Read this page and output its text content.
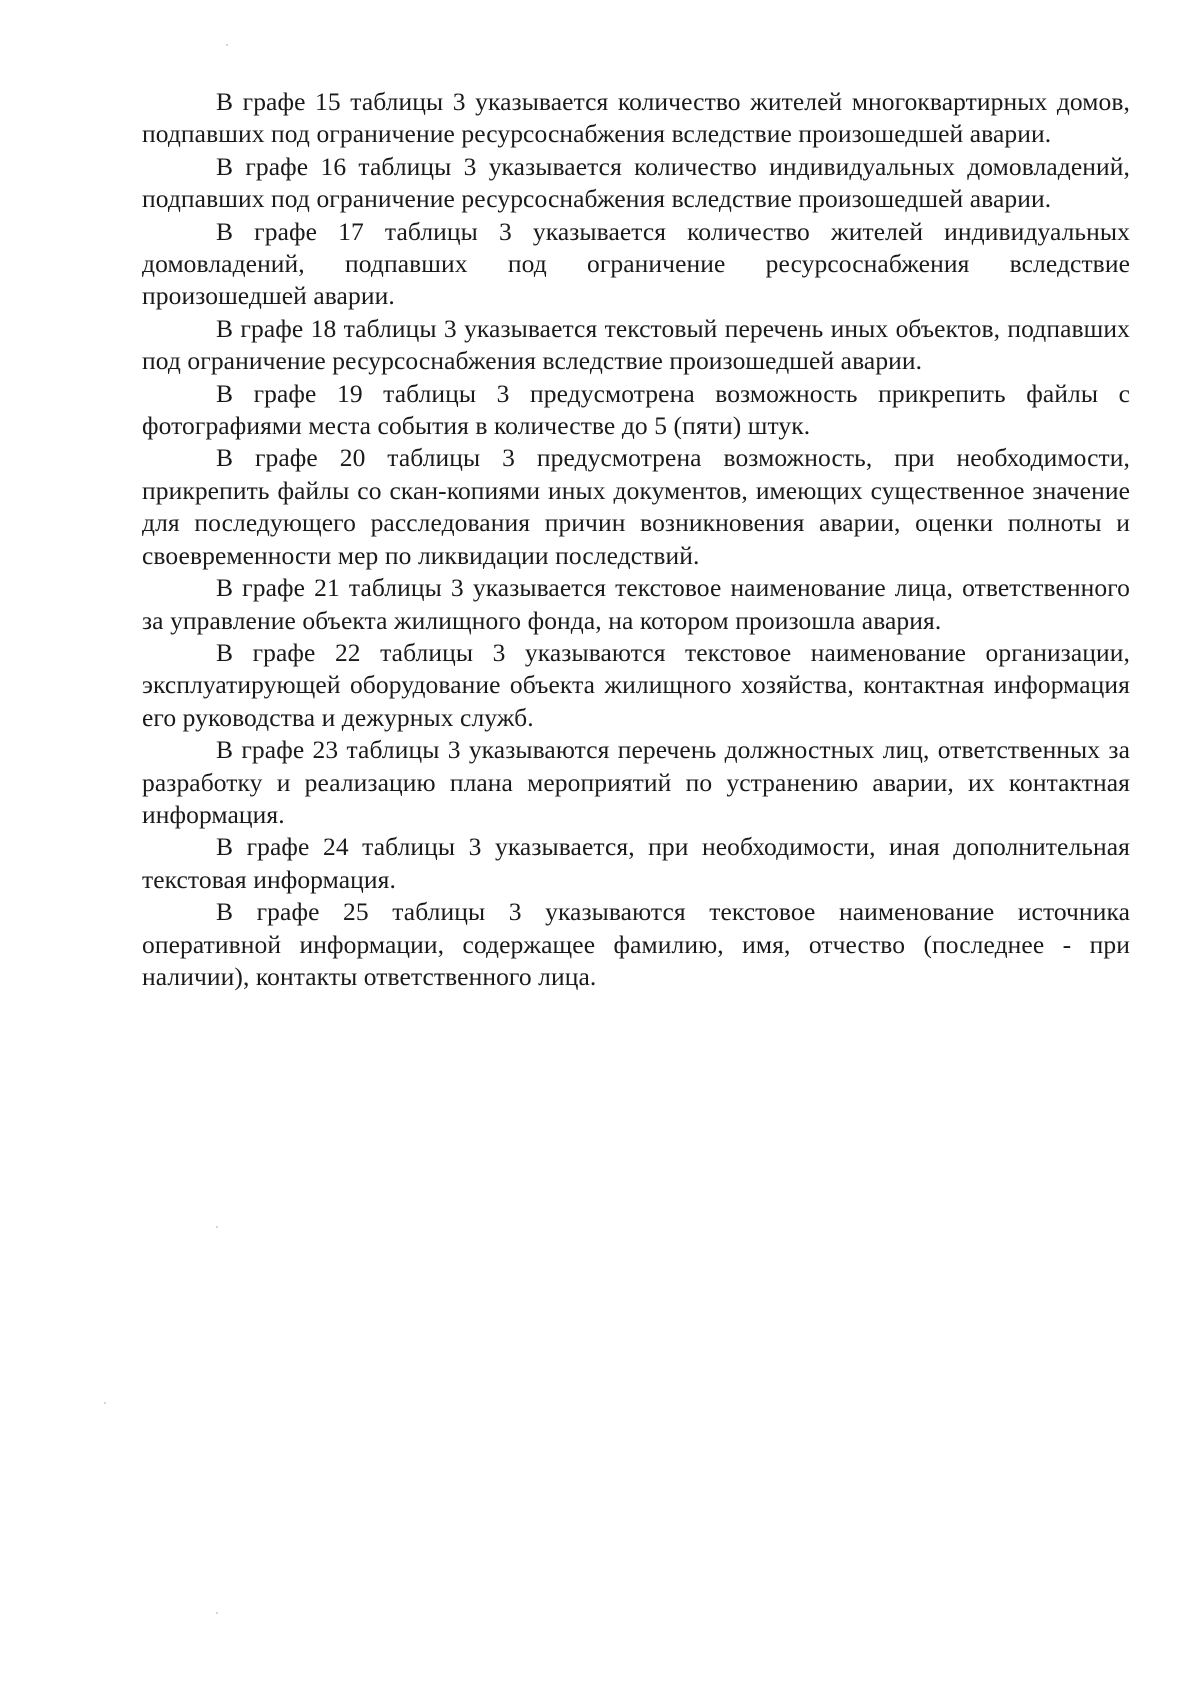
В графе 15 таблицы 3 указывается количество жителей многоквартирных домов, подпавших под ограничение ресурсоснабжения вследствие произошедшей аварии.

В графе 16 таблицы 3 указывается количество индивидуальных домовладений, подпавших под ограничение ресурсоснабжения вследствие произошедшей аварии.

В графе 17 таблицы 3 указывается количество жителей индивидуальных домовладений, подпавших под ограничение ресурсоснабжения вследствие произошедшей аварии.

В графе 18 таблицы 3 указывается текстовый перечень иных объектов, подпавших под ограничение ресурсоснабжения вследствие произошедшей аварии.

В графе 19 таблицы 3 предусмотрена возможность прикрепить файлы с фотографиями места события в количестве до 5 (пяти) штук.

В графе 20 таблицы 3 предусмотрена возможность, при необходимости, прикрепить файлы со скан-копиями иных документов, имеющих существенное значение для последующего расследования причин возникновения аварии, оценки полноты и своевременности мер по ликвидации последствий.

В графе 21 таблицы 3 указывается текстовое наименование лица, ответственного за управление объекта жилищного фонда, на котором произошла авария.

В графе 22 таблицы 3 указываются текстовое наименование организации, эксплуатирующей оборудование объекта жилищного хозяйства, контактная информация его руководства и дежурных служб.

В графе 23 таблицы 3 указываются перечень должностных лиц, ответственных за разработку и реализацию плана мероприятий по устранению аварии, их контактная информация.

В графе 24 таблицы 3 указывается, при необходимости, иная дополнительная текстовая информация.

В графе 25 таблицы 3 указываются текстовое наименование источника оперативной информации, содержащее фамилию, имя, отчество (последнее - при наличии), контакты ответственного лица.
